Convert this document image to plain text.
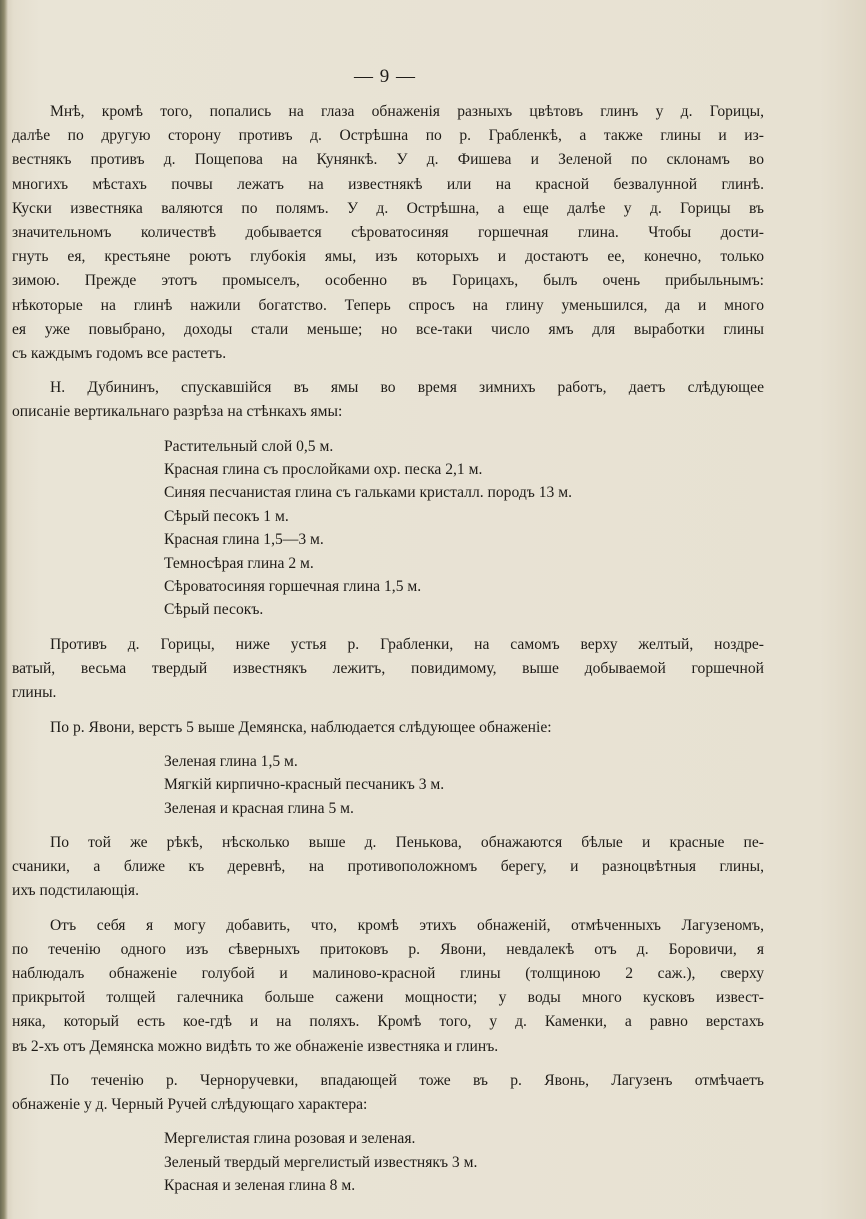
— 9 —
Мнѣ, кромѣ того, попались на глаза обнаженія разныхъ цвѣтовъ глинъ у д. Горицы,
далѣе по другую сторону противъ д. Острѣшна по р. Грабленкѣ, а также глины и из-
вестнякъ противъ д. Пощепова на Кунянкѣ. У д. Фишева и Зеленой по склонамъ во
многихъ мѣстахъ почвы лежатъ на известнякѣ или на красной безвалунной глинѣ.
Куски известняка валяются по полямъ. У д. Острѣшна, а еще далѣе у д. Горицы въ
значительномъ количествѣ добывается сѣроватосиняя горшечная глина. Чтобы дости-
гнуть ея, крестьяне роютъ глубокія ямы, изъ которыхъ и достаютъ ее, конечно, только
зимою. Прежде этотъ промыселъ, особенно въ Горицахъ, былъ очень прибыльнымъ:
нѣкоторые на глинѣ нажили богатство. Теперь спросъ на глину уменьшился, да и много
ея уже повыбрано, доходы стали меньше; но все-таки число ямъ для выработки глины
съ каждымъ годомъ все растетъ.
Н. Дубининъ, спускавшійся въ ямы во время зимнихъ работъ, даетъ слѣдующее
описаніе вертикальнаго разрѣза на стѣнкахъ ямы:
Растительный слой 0,5 м.
Красная глина съ прослойками охр. песка 2,1 м.
Синяя песчанистая глина съ гальками кристалл. породъ 13 м.
Сѣрый песокъ 1 м.
Красная глина 1,5—3 м.
Темносѣрая глина 2 м.
Сѣроватосиняя горшечная глина 1,5 м.
Сѣрый песокъ.
Противъ д. Горицы, ниже устья р. Грабленки, на самомъ верху желтый, ноздре-
ватый, весьма твердый известнякъ лежитъ, повидимому, выше добываемой горшечной
глины.
По р. Явони, верстъ 5 выше Демянска, наблюдается слѣдующее обнаженіе:
Зеленая глина 1,5 м.
Мягкій кирпично-красный песчаникъ 3 м.
Зеленая и красная глина 5 м.
По той же рѣкѣ, нѣсколько выше д. Пенькова, обнажаются бѣлые и красные пе-
счаники, а ближе къ деревнѣ, на противоположномъ берегу, и разноцвѣтныя глины,
ихъ подстилающія.
Отъ себя я могу добавить, что, кромѣ этихъ обнаженій, отмѣченныхъ Лагузеномъ,
по теченію одного изъ сѣверныхъ притоковъ р. Явони, невдалекѣ отъ д. Боровичи, я
наблюдалъ обнаженіе голубой и малиново-красной глины (толщиною 2 саж.), сверху
прикрытой толщей галечника больше сажени мощности; у воды много кусковъ извест-
няка, который есть кое-гдѣ и на поляхъ. Кромѣ того, у д. Каменки, а равно верстахъ
въ 2-хъ отъ Демянска можно видѣть то же обнаженіе известняка и глинъ.
По теченію р. Черноручевки, впадающей тоже въ р. Явонь, Лагузенъ отмѣчаетъ
обнаженіе у д. Черный Ручей слѣдующаго характера:
Мергелистая глина розовая и зеленая.
Зеленый твердый мергелистый известнякъ 3 м.
Красная и зеленая глина 8 м.
